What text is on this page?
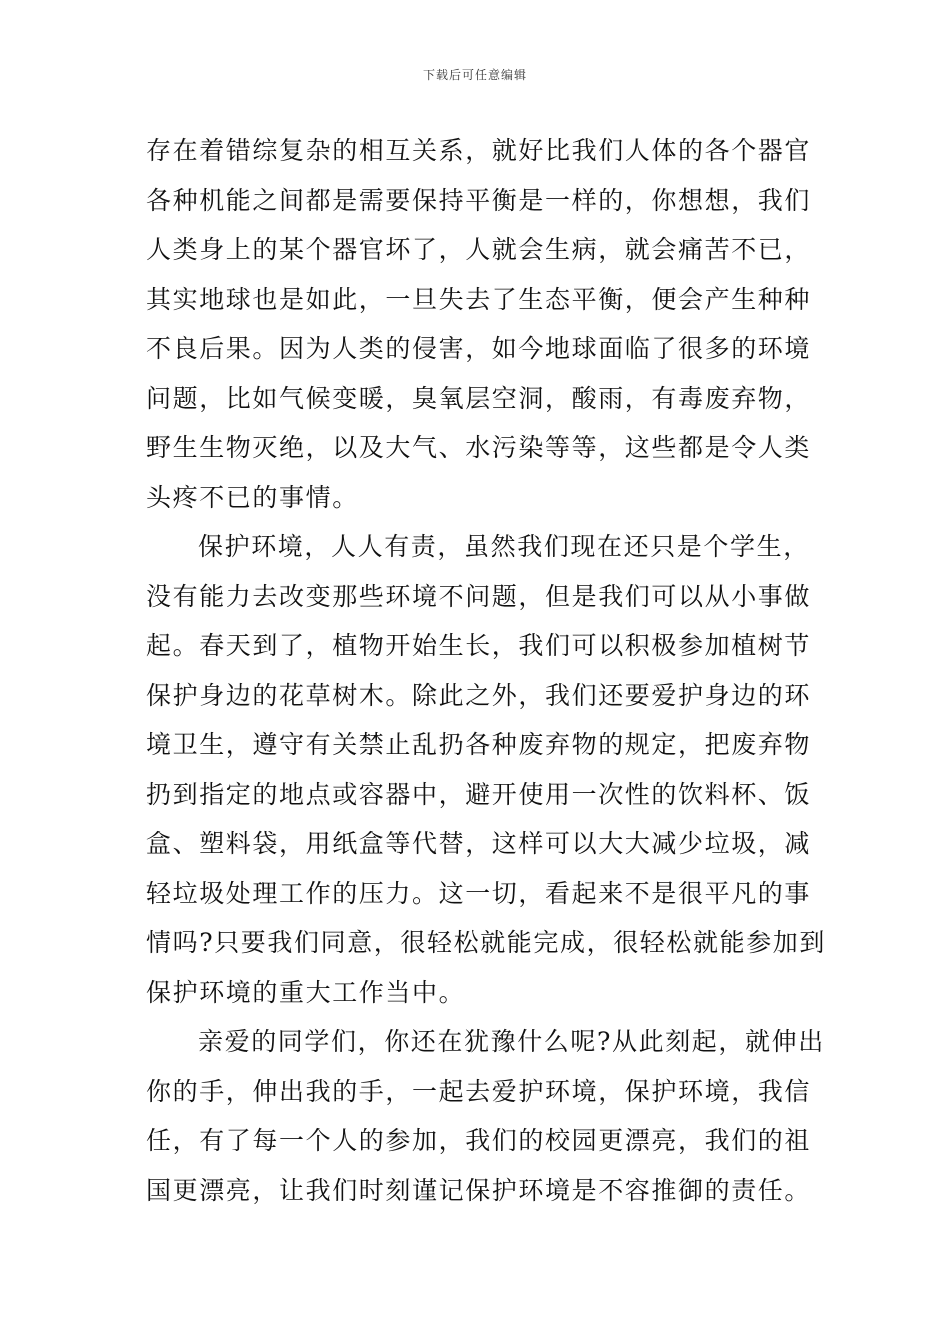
下载后可任意编辑
存在着错综复杂的相互关系，就好比我们人体的各个器官
各种机能之间都是需要保持平衡是一样的，你想想，我们
人类身上的某个器官坏了，人就会生病，就会痛苦不已，
其实地球也是如此，一旦失去了生态平衡，便会产生种种
不良后果。因为人类的侵害，如今地球面临了很多的环境
问题，比如气候变暖，臭氧层空洞，酸雨，有毒废弃物，
野生生物灭绝，以及大气、水污染等等，这些都是令人类
头疼不已的事情。
保护环境，人人有责，虽然我们现在还只是个学生，
没有能力去改变那些环境不问题，但是我们可以从小事做
起。春天到了，植物开始生长，我们可以积极参加植树节
保护身边的花草树木。除此之外，我们还要爱护身边的环
境卫生，遵守有关禁止乱扔各种废弃物的规定，把废弃物
扔到指定的地点或容器中，避开使用一次性的饮料杯、饭
盒、塑料袋，用纸盒等代替，这样可以大大减少垃圾，减
轻垃圾处理工作的压力。这一切，看起来不是很平凡的事
情吗?只要我们同意，很轻松就能完成，很轻松就能参加到
保护环境的重大工作当中。
亲爱的同学们，你还在犹豫什么呢?从此刻起，就伸出
你的手，伸出我的手，一起去爱护环境，保护环境，我信
任，有了每一个人的参加，我们的校园更漂亮，我们的祖
国更漂亮，让我们时刻谨记保护环境是不容推御的责任。
